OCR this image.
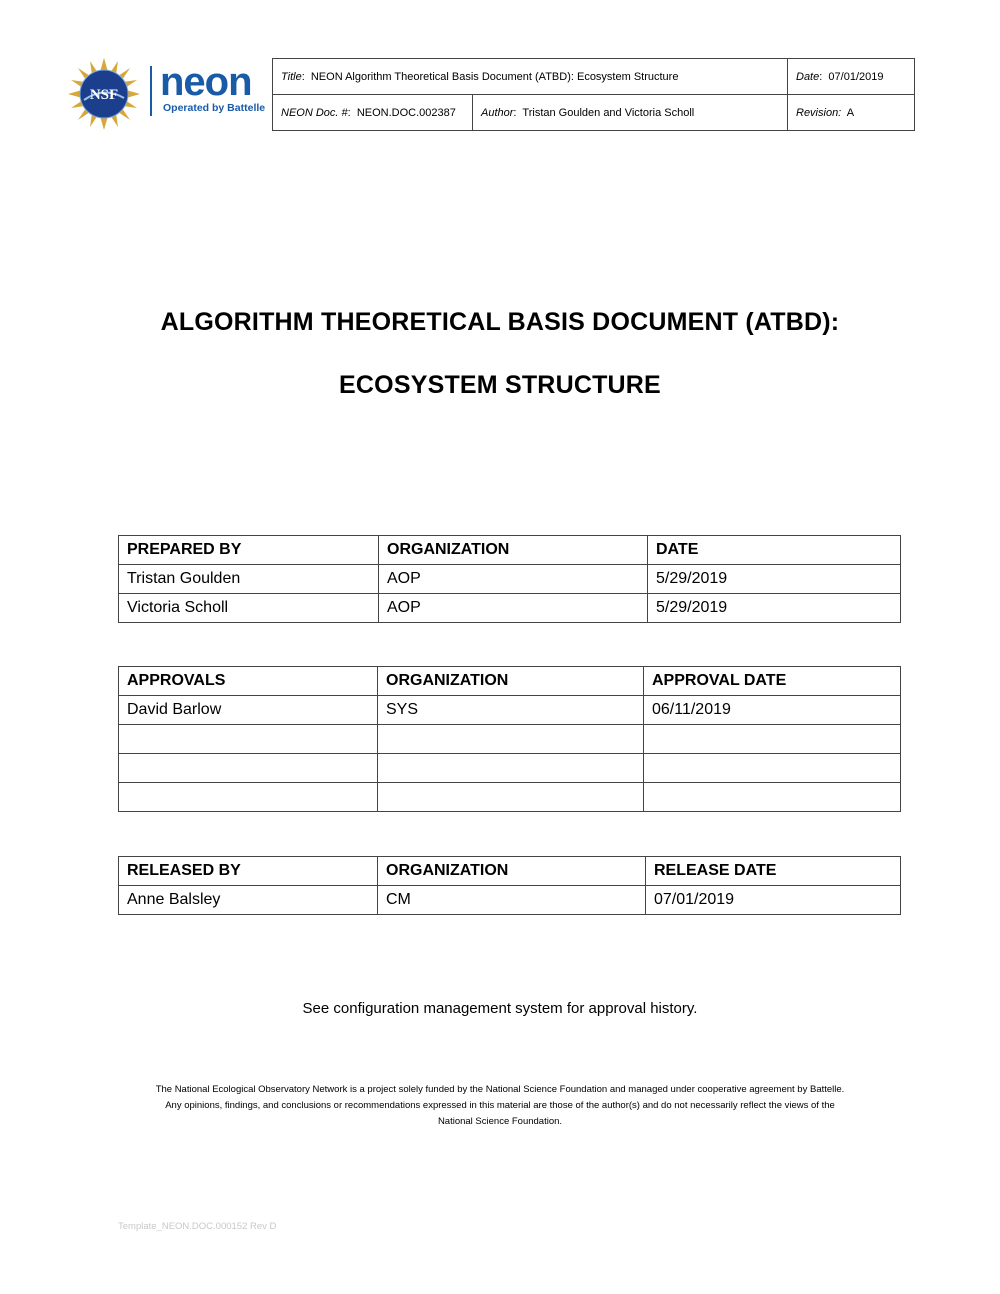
NSF neon
Operated by Battelle
Title:  NEON Algorithm Theoretical Basis Document (ATBD): Ecosystem Structure		Date:  07/01/2019
NEON Doc. #:  NEON.DOC.002387	Author:  Tristan Goulden and Victoria Scholl	Revision: A
ALGORITHM THEORETICAL BASIS DOCUMENT (ATBD):
ECOSYSTEM STRUCTURE
PREPARED BY	ORGANIZATION	DATE
Tristan Goulden	AOP	5/29/2019
Victoria Scholl	AOP	5/29/2019
APPROVALS	ORGANIZATION	APPROVAL DATE
David Barlow	SYS	06/11/2019

RELEASED BY	ORGANIZATION	RELEASE DATE
Anne Balsley	CM	07/01/2019
See configuration management system for approval history.
The National Ecological Observatory Network is a project solely funded by the National Science Foundation and managed under cooperative agreement by Battelle.
Any opinions, findings, and conclusions or recommendations expressed in this material are those of the author(s) and do not necessarily reflect the views of the
National Science Foundation.
Template_NEON.DOC.000152 Rev D
